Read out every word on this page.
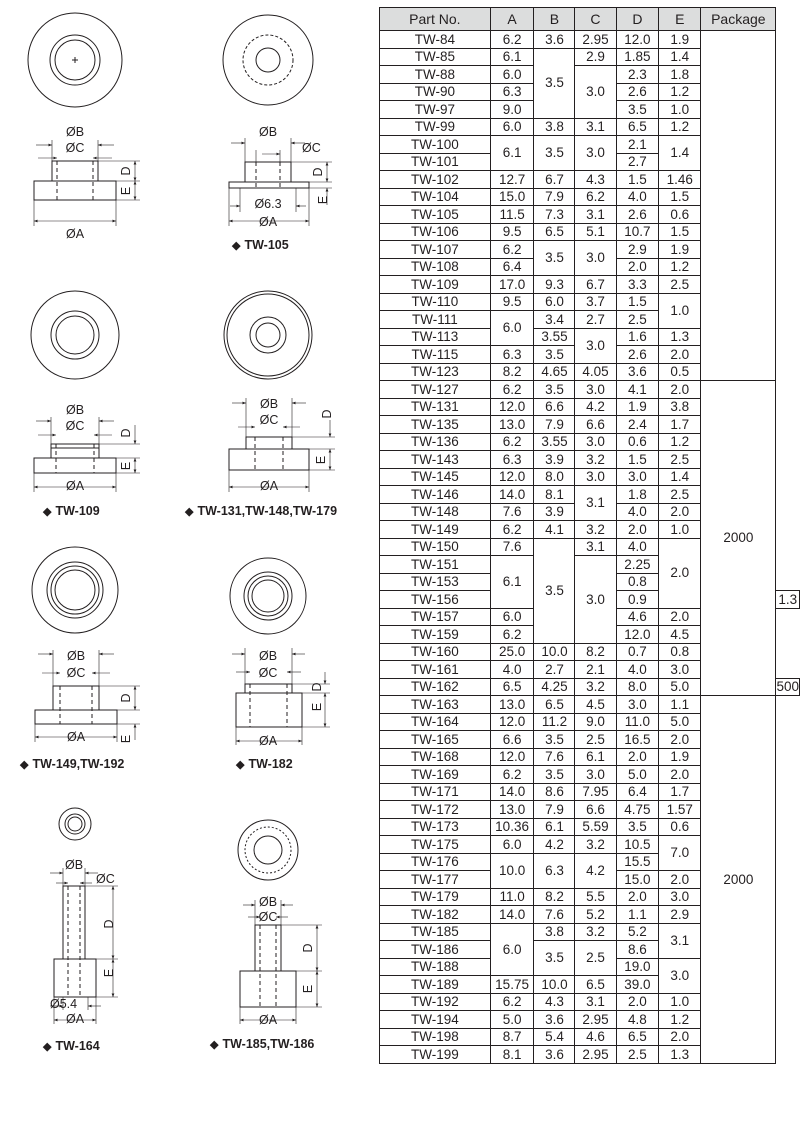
ØB
ØC
ØA
D
E
ØB
ØC
Ø6.3
ØA
D
E
ØB
ØC
ØA
D
E
ØB
ØC
ØA
D
E
ØB
ØC
ØA
D
E
ØB
ØC
ØA
D
E
ØB
ØC
Ø5.4
ØA
D
E
ØB
ØC
ØA
D
E
◆ TW-105
◆ TW-109	◆ TW-131,TW-148,TW-179
◆ TW-149,TW-192	◆ TW-182
◆ TW-164	◆ TW-185,TW-186
Part No.	A	B	C	D	E	Package	
TW-84	6.2	3.6	2.95	12.0	1.9		
TW-85	6.1	3.5	2.9	1.85	1.4		
TW-88	6.0		3.0	2.3	1.8		
TW-90	6.3			2.6	1.2		
TW-97	9.0			3.5	1.0		
TW-99	6.0	3.8	3.1	6.5	1.2		
TW-100	6.1	3.5	3.0	2.1	1.4		
TW-101				2.7			
TW-102	12.7	6.7	4.3	1.5	1.46		
TW-104	15.0	7.9	6.2	4.0	1.5		
TW-105	11.5	7.3	3.1	2.6	0.6		
TW-106	9.5	6.5	5.1	10.7	1.5		
TW-107	6.2	3.5	3.0	2.9	1.9		
TW-108	6.4			2.0	1.2		
TW-109	17.0	9.3	6.7	3.3	2.5		
TW-110	9.5	6.0	3.7	1.5	1.0		
TW-111	6.0	3.4	2.7	2.5			
TW-113		3.55	3.0	1.6	1.3		
TW-115	6.3	3.5		2.6	2.0		
TW-123	8.2	4.65	4.05	3.6	0.5		
TW-127	6.2	3.5	3.0	4.1	2.0	2000	
TW-131	12.0	6.6	4.2	1.9	3.8		
TW-135	13.0	7.9	6.6	2.4	1.7		
TW-136	6.2	3.55	3.0	0.6	1.2		
TW-143	6.3	3.9	3.2	1.5	2.5		
TW-145	12.0	8.0	3.0	3.0	1.4		
TW-146	14.0	8.1	3.1	1.8	2.5		
TW-148	7.6	3.9		4.0	2.0		
TW-149	6.2	4.1	3.2	2.0	1.0		
TW-150	7.6	3.5	3.1	4.0	2.0		
TW-151	6.1		3.0	2.25			
TW-153				0.8			
TW-156				0.9			1.3
TW-157	6.0			4.6	2.0		
TW-159	6.2			12.0	4.5		
TW-160	25.0	10.0	8.2	0.7	0.8		
TW-161	4.0	2.7	2.1	4.0	3.0		
TW-162	6.5	4.25	3.2	8.0	5.0		500
TW-163	13.0	6.5	4.5	3.0	1.1	2000	
TW-164	12.0	11.2	9.0	11.0	5.0		
TW-165	6.6	3.5	2.5	16.5	2.0		
TW-168	12.0	7.6	6.1	2.0	1.9		
TW-169	6.2	3.5	3.0	5.0	2.0		
TW-171	14.0	8.6	7.95	6.4	1.7		
TW-172	13.0	7.9	6.6	4.75	1.57		
TW-173	10.36	6.1	5.59	3.5	0.6		
TW-175	6.0	4.2	3.2	10.5	7.0		
TW-176	10.0	6.3	4.2	15.5			
TW-177				15.0	2.0		
TW-179	11.0	8.2	5.5	2.0	3.0		
TW-182	14.0	7.6	5.2	1.1	2.9		
TW-185	6.0	3.8	3.2	5.2	3.1		
TW-186		3.5	2.5	8.6			
TW-188				19.0	3.0		
TW-189	15.75	10.0	6.5	39.0			
TW-192	6.2	4.3	3.1	2.0	1.0		
TW-194	5.0	3.6	2.95	4.8	1.2		
TW-198	8.7	5.4	4.6	6.5	2.0		
TW-199	8.1	3.6	2.95	2.5	1.3		
